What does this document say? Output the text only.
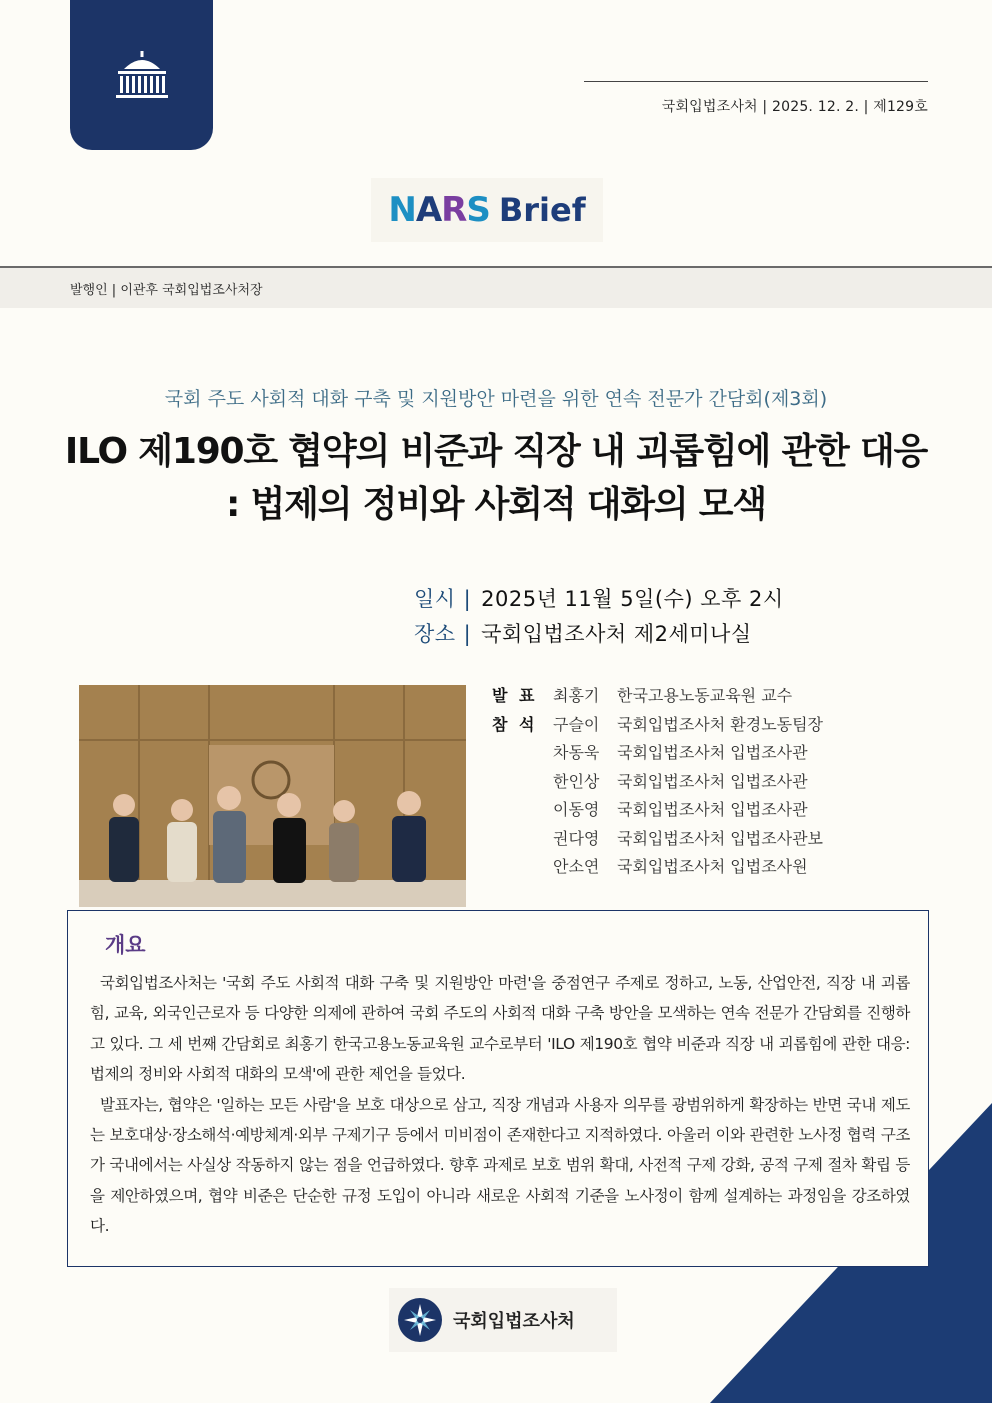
국회입법조사처 | 2025. 12. 2. | 제129호
NARS Brief
발행인 | 이관후 국회입법조사처장
국회 주도 사회적 대화 구축 및 지원방안 마련을 위한 연속 전문가 간담회(제3회)
ILO 제190호 협약의 비준과 직장 내 괴롭힘에 관한 대응
: 법제의 정비와 사회적 대화의 모색
일시 | 2025년 11월 5일(수) 오후 2시
장소 | 국회입법조사처 제2세미나실
발 표 최홍기	한국고용노동교육원 교수
참 석 구슬이	국회입법조사처 환경노동팀장
차동욱	국회입법조사처 입법조사관
한인상	국회입법조사처 입법조사관
이동영	국회입법조사처 입법조사관
권다영	국회입법조사처 입법조사관보
안소연	국회입법조사처 입법조사원
개요

국회입법조사처는 '국회 주도 사회적 대화 구축 및 지원방안 마련'을 중점연구 주제로 정하고, 노동, 산업안전, 직장 내 괴롭힘, 교육, 외국인근로자 등 다양한 의제에 관하여 국회 주도의 사회적 대화 구축 방안을 모색하는 연속 전문가 간담회를 진행하고 있다. 그 세 번째 간담회로 최홍기 한국고용노동교육원 교수로부터 'ILO 제190호 협약 비준과 직장 내 괴롭힘에 관한 대응: 법제의 정비와 사회적 대화의 모색'에 관한 제언을 들었다.

발표자는, 협약은 '일하는 모든 사람'을 보호 대상으로 삼고, 직장 개념과 사용자 의무를 광범위하게 확장하는 반면 국내 제도는 보호대상·장소해석·예방체계·외부 구제기구 등에서 미비점이 존재한다고 지적하였다. 아울러 이와 관련한 노사정 협력 구조가 국내에서는 사실상 작동하지 않는 점을 언급하였다. 향후 과제로 보호 범위 확대, 사전적 구제 강화, 공적 구제 절차 확립 등을 제안하였으며, 협약 비준은 단순한 규정 도입이 아니라 새로운 사회적 기준을 노사정이 함께 설계하는 과정임을 강조하였다.

국회입법조사처
